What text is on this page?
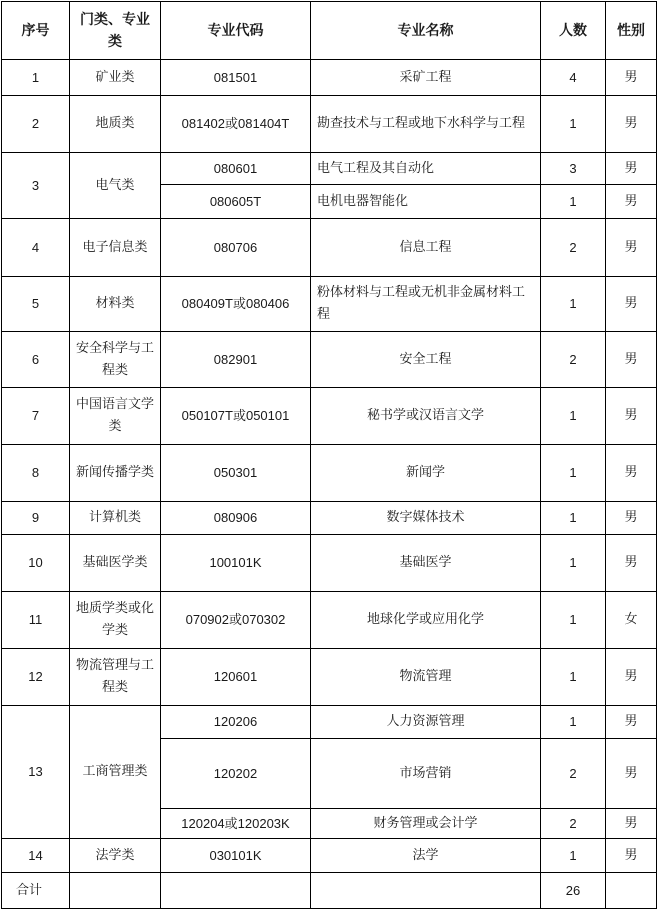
序号	门类、专业类	专业代码	专业名称	人数	性别
1	矿业类	081501	采矿工程	4	男
2	地质类	081402或081404T	勘查技术与工程或地下水科学与工程	1	男
3	电气类	080601	电气工程及其自动化	3	男
		080605T	电机电器智能化	1	男
4	电子信息类	080706	信息工程	2	男
5	材料类	080409T或080406	粉体材料与工程或无机非金属材料工程	1	男
6	安全科学与工程类	082901	安全工程	2	男
7	中国语言文学类	050107T或050101	秘书学或汉语言文学	1	男
8	新闻传播学类	050301	新闻学	1	男
9	计算机类	080906	数字媒体技术	1	男
10	基础医学类	100101K	基础医学	1	男
11	地质学类或化学类	070902或070302	地球化学或应用化学	1	女
12	物流管理与工程类	120601	物流管理	1	男
13	工商管理类	120206	人力资源管理	1	男
		120202	市场营销	2	男
		120204或120203K	财务管理或会计学	2	男
14	法学类	030101K	法学	1	男
合计				26	
